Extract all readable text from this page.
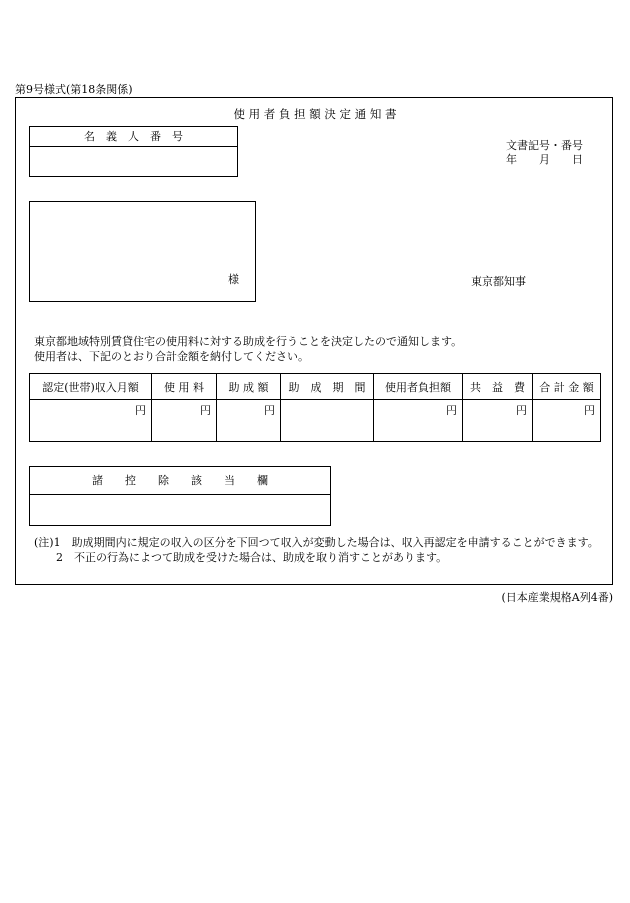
第9号様式(第18条関係)
使 用 者 負 担 額 決 定 通 知 書
名　義　人　番　号
文書記号・番号
年　　月　　日
様	東京都知事
東京都地域特別賃貸住宅の使用料に対する助成を行うことを決定したので通知します。
使用者は、下記のとおり合計金額を納付してください。
認定(世帯)収入月額	使 用 料	助 成 額	助　成　期　間	使用者負担額	共　益　費	合 計 金 額
円	円	円		円	円	円
諸　　控　　除　　該　　当　　欄
(注)1　助成期間内に規定の収入の区分を下回つて収入が変動した場合は、収入再認定を申請することができます。
　　2　不正の行為によつて助成を受けた場合は、助成を取り消すことがあります。
(日本産業規格A列4番)
